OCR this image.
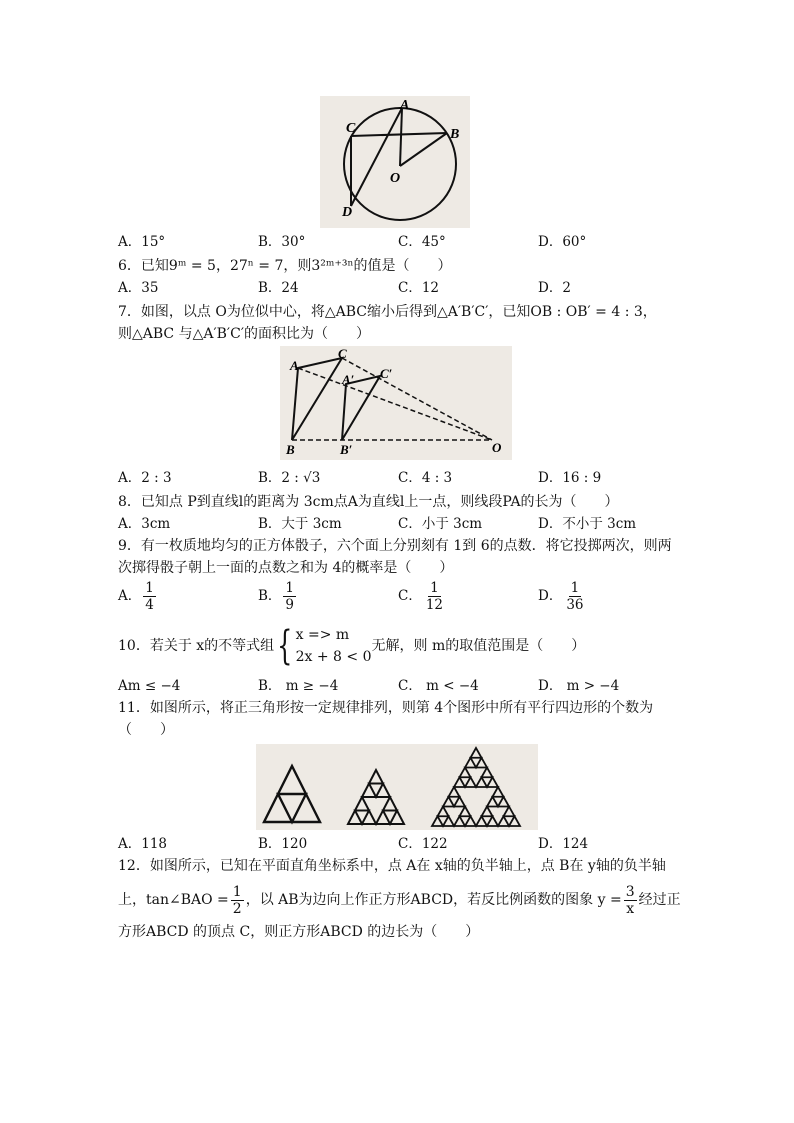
A
B
C
D
O
A．15°	B．30°	C．45°	D．60°
6．已知9ᵐ = 5，27ⁿ = 7，则3²ᵐ⁺³ⁿ的值是（　　）
A．35	B．24	C．12	D．2
7．如图，以点 O为位似中心，将△ABC缩小后得到△A′B′C′，已知OB : OB′ = 4 : 3，
则△ABC 与△A′B′C′的面积比为（　　）
A
C
B
A′ C′
B′	O
A．2 : 3	B．2 : √3	C．4 : 3	D．16 : 9
8．已知点 P到直线l的距离为 3cm点A为直线l上一点，则线段PA的长为（　　）
A．3cm	B．大于 3cm	C．小于 3cm	D．不小于 3cm
9．有一枚质地均匀的正方体骰子，六个面上分别刻有 1到 6的点数．将它投掷两次，则两
次掷得骰子朝上一面的点数之和为 4的概率是（　　）
A． $\frac{1}{4}$	B． $\frac{1}{9}$	C． $\frac{1}{12}$	D． $\frac{1}{36}$
10．若关于 x的不等式组{ x => m
2x + 8 < 0
无解，则 m的取值范围是（　　）
Am ≤ −4	B． m ≥ −4	C． m < −4	D． m > −4
11．如图所示，将正三角形按一定规律排列，则第 4个图形中所有平行四边形的个数为
（　　）
A．118	B．120	C．122	D．124
12．如图所示，已知在平面直角坐标系中，点 A在 x轴的负半轴上，点 B在 y轴的负半轴
上，tan∠BAO = $\frac{1}{2}$ ，以 AB为边向上作正方形ABCD，若反比例函数的图象 $y = \frac{3}{x}$ 经过正
方形ABCD 的顶点 C，则正方形ABCD 的边长为（　　）
